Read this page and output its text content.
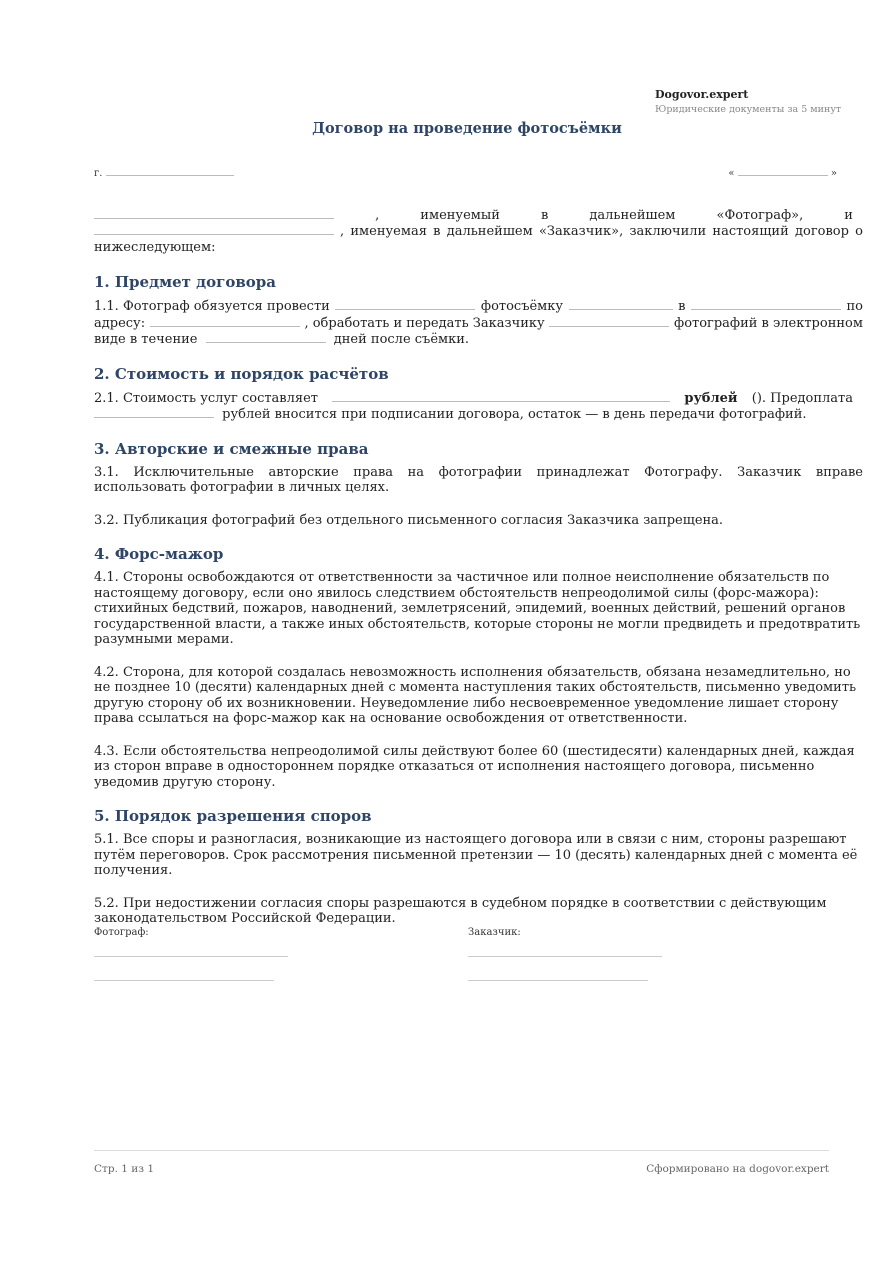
Dogovor.expert
Юридические документы за 5 минут
Договор на проведение фотосъёмки
г.	«	»
,	именуемый	в	дальнейшем	«Фотограф»,	и
, именуемая в дальнейшем «Заказчик», заключили настоящий договор о

нижеследующем:

1. Предмет договора
1.1. Фотограф обязуется провести	фотосъёмку	в	по
адресу:	, обработать и передать Заказчику	фотографий в электронном
виде в течение	дней после съёмки.
2. Стоимость и порядок расчётов
2.1. Стоимость услуг составляет	рублей (). Предоплата
рублей вносится при подписании договора, остаток — в день передачи фотографий.
3. Авторские и смежные права

3.1. Исключительные авторские права на фотографии принадлежат Фотографу. Заказчик вправе использовать фотографии в личных целях.

3.2. Публикация фотографий без отдельного письменного согласия Заказчика запрещена.

4. Форс-мажор

4.1. Стороны освобождаются от ответственности за частичное или полное неисполнение обязательств по настоящему договору, если оно явилось следствием обстоятельств непреодолимой силы (форс-мажора): стихийных бедствий, пожаров, наводнений, землетрясений, эпидемий, военных действий, решений органов государственной власти, а также иных обстоятельств, которые стороны не могли предвидеть и предотвратить разумными мерами.

4.2. Сторона, для которой создалась невозможность исполнения обязательств, обязана незамедлительно, но не позднее 10 (десяти) календарных дней с момента наступления таких обстоятельств, письменно уведомить другую сторону об их возникновении. Неуведомление либо несвоевременное уведомление лишает сторону права ссылаться на форс-мажор как на основание освобождения от ответственности.

4.3. Если обстоятельства непреодолимой силы действуют более 60 (шестидесяти) календарных дней, каждая из сторон вправе в одностороннем порядке отказаться от исполнения настоящего договора, письменно уведомив другую сторону.

5. Порядок разрешения споров

5.1. Все споры и разногласия, возникающие из настоящего договора или в связи с ним, стороны разрешают путём переговоров. Срок рассмотрения письменной претензии — 10 (десять) календарных дней с момента её получения.

5.2. При недостижении согласия споры разрешаются в судебном порядке в соответствии с действующим законодательством Российской Федерации.

Фотограф:	Заказчик:
Стр. 1 из 1	Сформировано на dogovor.expert
